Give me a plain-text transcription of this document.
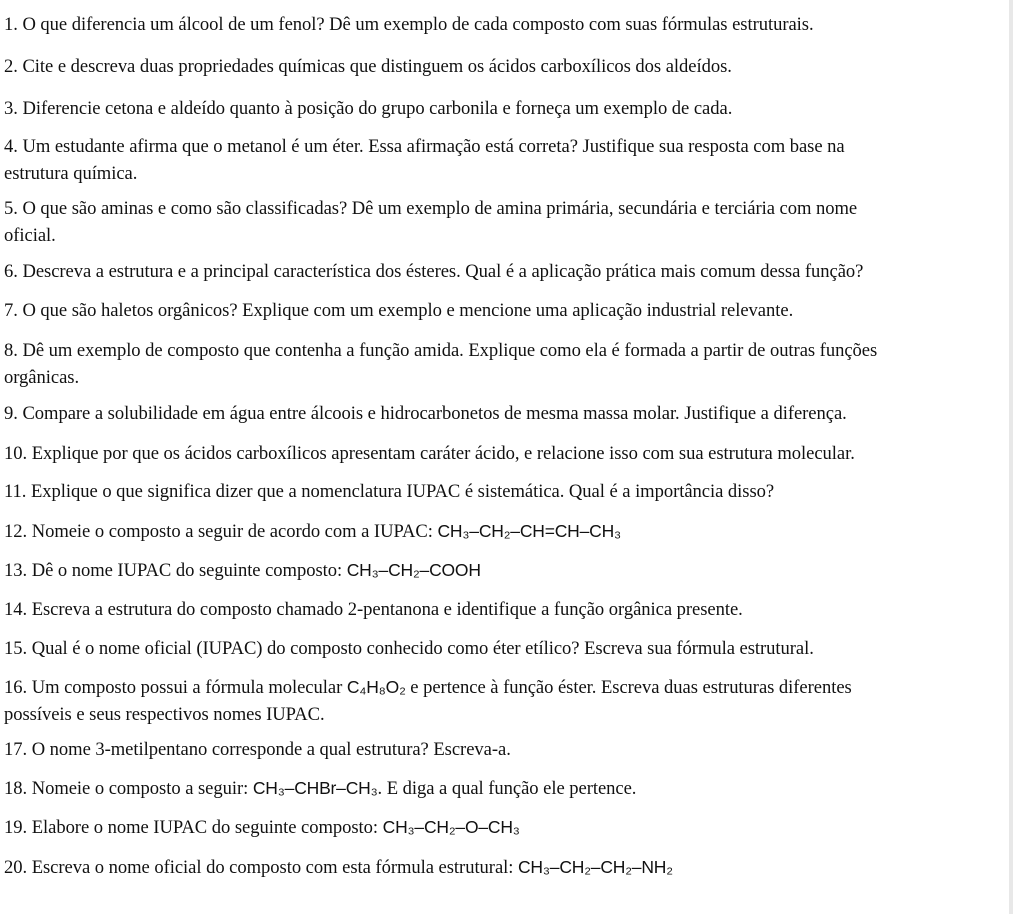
1. O que diferencia um álcool de um fenol? Dê um exemplo de cada composto com suas fórmulas estruturais.
2. Cite e descreva duas propriedades químicas que distinguem os ácidos carboxílicos dos aldeídos.
3. Diferencie cetona e aldeído quanto à posição do grupo carbonila e forneça um exemplo de cada.
4. Um estudante afirma que o metanol é um éter. Essa afirmação está correta? Justifique sua resposta com base na
estrutura química.
5. O que são aminas e como são classificadas? Dê um exemplo de amina primária, secundária e terciária com nome
oficial.
6. Descreva a estrutura e a principal característica dos ésteres. Qual é a aplicação prática mais comum dessa função?
7. O que são haletos orgânicos? Explique com um exemplo e mencione uma aplicação industrial relevante.
8. Dê um exemplo de composto que contenha a função amida. Explique como ela é formada a partir de outras funções
orgânicas.
9. Compare a solubilidade em água entre álcoois e hidrocarbonetos de mesma massa molar. Justifique a diferença.
10. Explique por que os ácidos carboxílicos apresentam caráter ácido, e relacione isso com sua estrutura molecular.
11. Explique o que significa dizer que a nomenclatura IUPAC é sistemática. Qual é a importância disso?
12. Nomeie o composto a seguir de acordo com a IUPAC: CH₃–CH₂–CH=CH–CH₃
13. Dê o nome IUPAC do seguinte composto: CH₃–CH₂–COOH
14. Escreva a estrutura do composto chamado 2-pentanona e identifique a função orgânica presente.
15. Qual é o nome oficial (IUPAC) do composto conhecido como éter etílico? Escreva sua fórmula estrutural.
16. Um composto possui a fórmula molecular C₄H₈O₂ e pertence à função éster. Escreva duas estruturas diferentes
possíveis e seus respectivos nomes IUPAC.
17. O nome 3-metilpentano corresponde a qual estrutura? Escreva-a.
18. Nomeie o composto a seguir: CH₃–CHBr–CH₃. E diga a qual função ele pertence.
19. Elabore o nome IUPAC do seguinte composto: CH₃–CH₂–O–CH₃
20. Escreva o nome oficial do composto com esta fórmula estrutural: CH₃–CH₂–CH₂–NH₂
